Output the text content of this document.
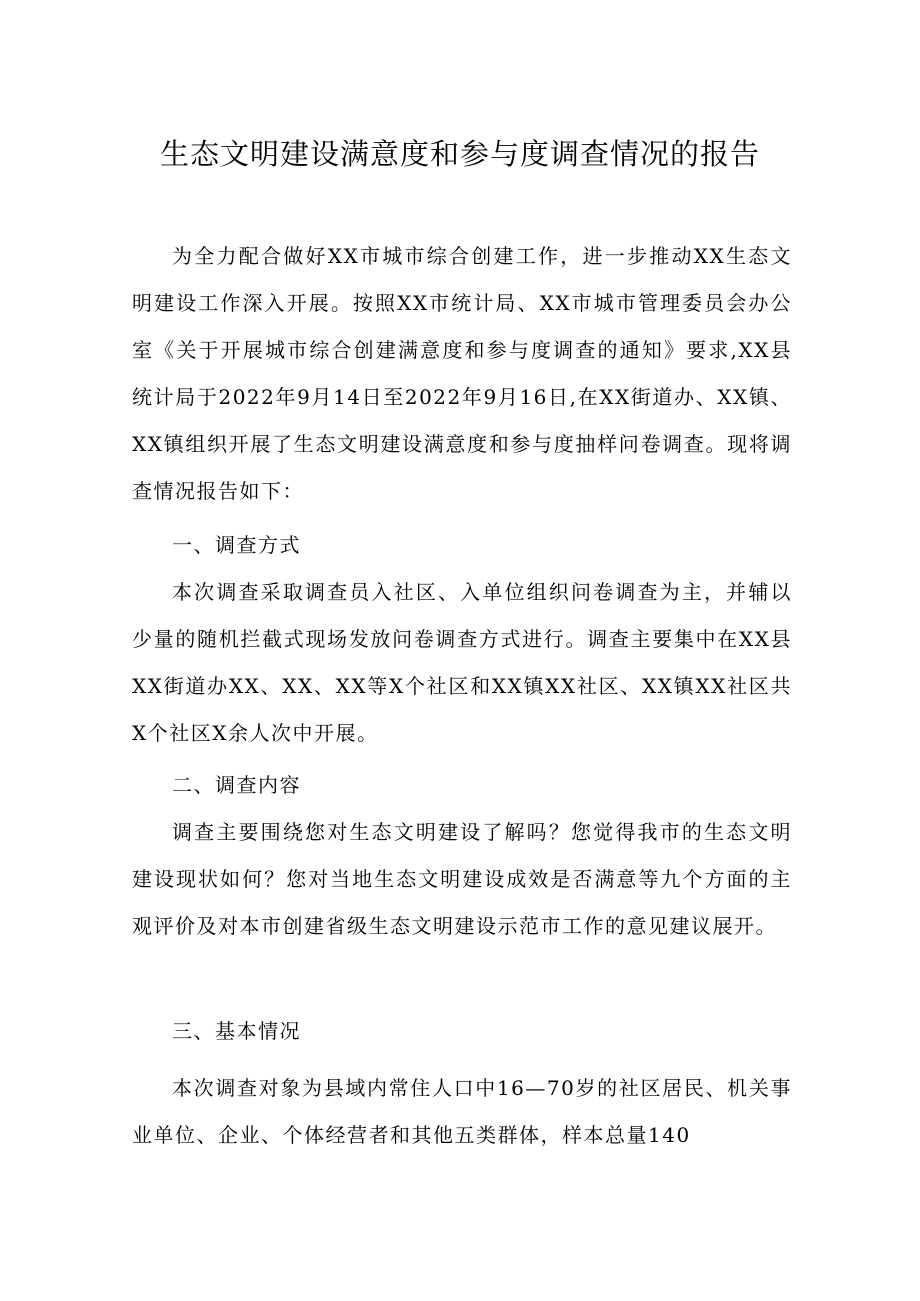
生态文明建设满意度和参与度调查情况的报告

为全力配合做好XX市城市综合创建工作，进一步推动XX生态文明建设工作深入开展。按照XX市统计局、XX市城市管理委员会办公室《关于开展城市综合创建满意度和参与度调查的通知》要求,XX县统计局于2022年9月14日至2022年9月16日,在XX街道办、XX镇、XX镇组织开展了生态文明建设满意度和参与度抽样问卷调查。现将调查情况报告如下：

一、调查方式

本次调查采取调查员入社区、入单位组织问卷调查为主，并辅以少量的随机拦截式现场发放问卷调查方式进行。调查主要集中在XX县XX街道办XX、XX、XX等X个社区和XX镇XX社区、XX镇XX社区共X个社区X余人次中开展。

二、调查内容

调查主要围绕您对生态文明建设了解吗？您觉得我市的生态文明建设现状如何？您对当地生态文明建设成效是否满意等九个方面的主观评价及对本市创建省级生态文明建设示范市工作的意见建议展开。

三、基本情况

本次调查对象为县域内常住人口中16—70岁的社区居民、机关事业单位、企业、个体经营者和其他五类群体，样本总量140
